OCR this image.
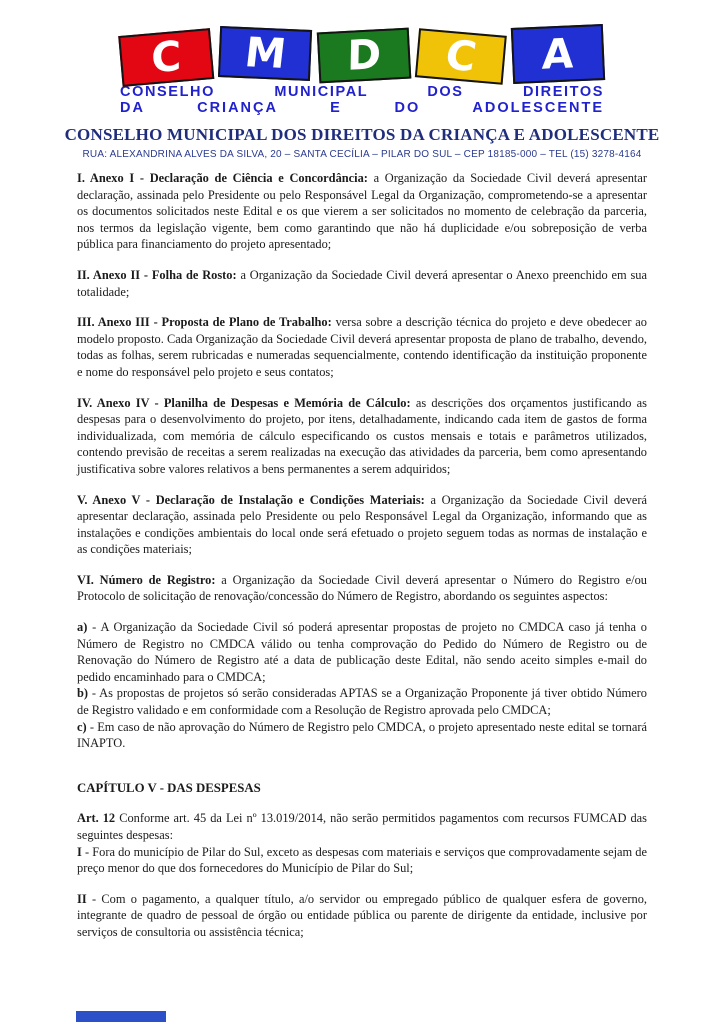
C M D C A
CONSELHO MUNICIPAL DOS DIREITOS
DA CRIANÇA E DO ADOLESCENTE
CONSELHO MUNICIPAL DOS DIREITOS DA CRIANÇA E ADOLESCENTE
RUA: ALEXANDRINA ALVES DA SILVA, 20 – SANTA CECÍLIA – PILAR DO SUL – CEP 18185-000 – TEL (15) 3278-4164

I. Anexo I - Declaração de Ciência e Concordância: a Organização da Sociedade Civil deverá apresentar declaração, assinada pelo Presidente ou pelo Responsável Legal da Organização, comprometendo-se a apresentar os documentos solicitados neste Edital e os que vierem a ser solicitados no momento de celebração da parceria, nos termos da legislação vigente, bem como garantindo que não há duplicidade e/ou sobreposição de verba pública para financiamento do projeto apresentado;

II. Anexo II - Folha de Rosto: a Organização da Sociedade Civil deverá apresentar o Anexo preenchido em sua totalidade;

III. Anexo III - Proposta de Plano de Trabalho: versa sobre a descrição técnica do projeto e deve obedecer ao modelo proposto. Cada Organização da Sociedade Civil deverá apresentar proposta de plano de trabalho, devendo, todas as folhas, serem rubricadas e numeradas sequencialmente, contendo identificação da instituição proponente e nome do responsável pelo projeto e seus contatos;

IV. Anexo IV - Planilha de Despesas e Memória de Cálculo: as descrições dos orçamentos justificando as despesas para o desenvolvimento do projeto, por itens, detalhadamente, indicando cada item de gastos de forma individualizada, com memória de cálculo especificando os custos mensais e totais e parâmetros utilizados, contendo previsão de receitas a serem realizadas na execução das atividades da parceria, bem como apresentando justificativa sobre valores relativos a bens permanentes a serem adquiridos;

V. Anexo V - Declaração de Instalação e Condições Materiais: a Organização da Sociedade Civil deverá apresentar declaração, assinada pelo Presidente ou pelo Responsável Legal da Organização, informando que as instalações e condições ambientais do local onde será efetuado o projeto seguem todas as normas de instalação e as condições materiais;

VI. Número de Registro: a Organização da Sociedade Civil deverá apresentar o Número do Registro e/ou Protocolo de solicitação de renovação/concessão do Número de Registro, abordando os seguintes aspectos:

a) - A Organização da Sociedade Civil só poderá apresentar propostas de projeto no CMDCA caso já tenha o Número de Registro no CMDCA válido ou tenha comprovação do Pedido do Número de Registro ou de Renovação do Número de Registro até a data de publicação deste Edital, não sendo aceito simples e-mail do pedido encaminhado para o CMDCA;

b) - As propostas de projetos só serão consideradas APTAS se a Organização Proponente já tiver obtido Número de Registro validado e em conformidade com a Resolução de Registro aprovada pelo CMDCA;

c) - Em caso de não aprovação do Número de Registro pelo CMDCA, o projeto apresentado neste edital se tornará INAPTO.

CAPÍTULO V - DAS DESPESAS

Art. 12 Conforme art. 45 da Lei nº 13.019/2014, não serão permitidos pagamentos com recursos FUMCAD das seguintes despesas:

I - Fora do município de Pilar do Sul, exceto as despesas com materiais e serviços que comprovadamente sejam de preço menor do que dos fornecedores do Município de Pilar do Sul;

II - Com o pagamento, a qualquer título, a/o servidor ou empregado público de qualquer esfera de governo, integrante de quadro de pessoal de órgão ou entidade pública ou parente de dirigente da entidade, inclusive por serviços de consultoria ou assistência técnica;
